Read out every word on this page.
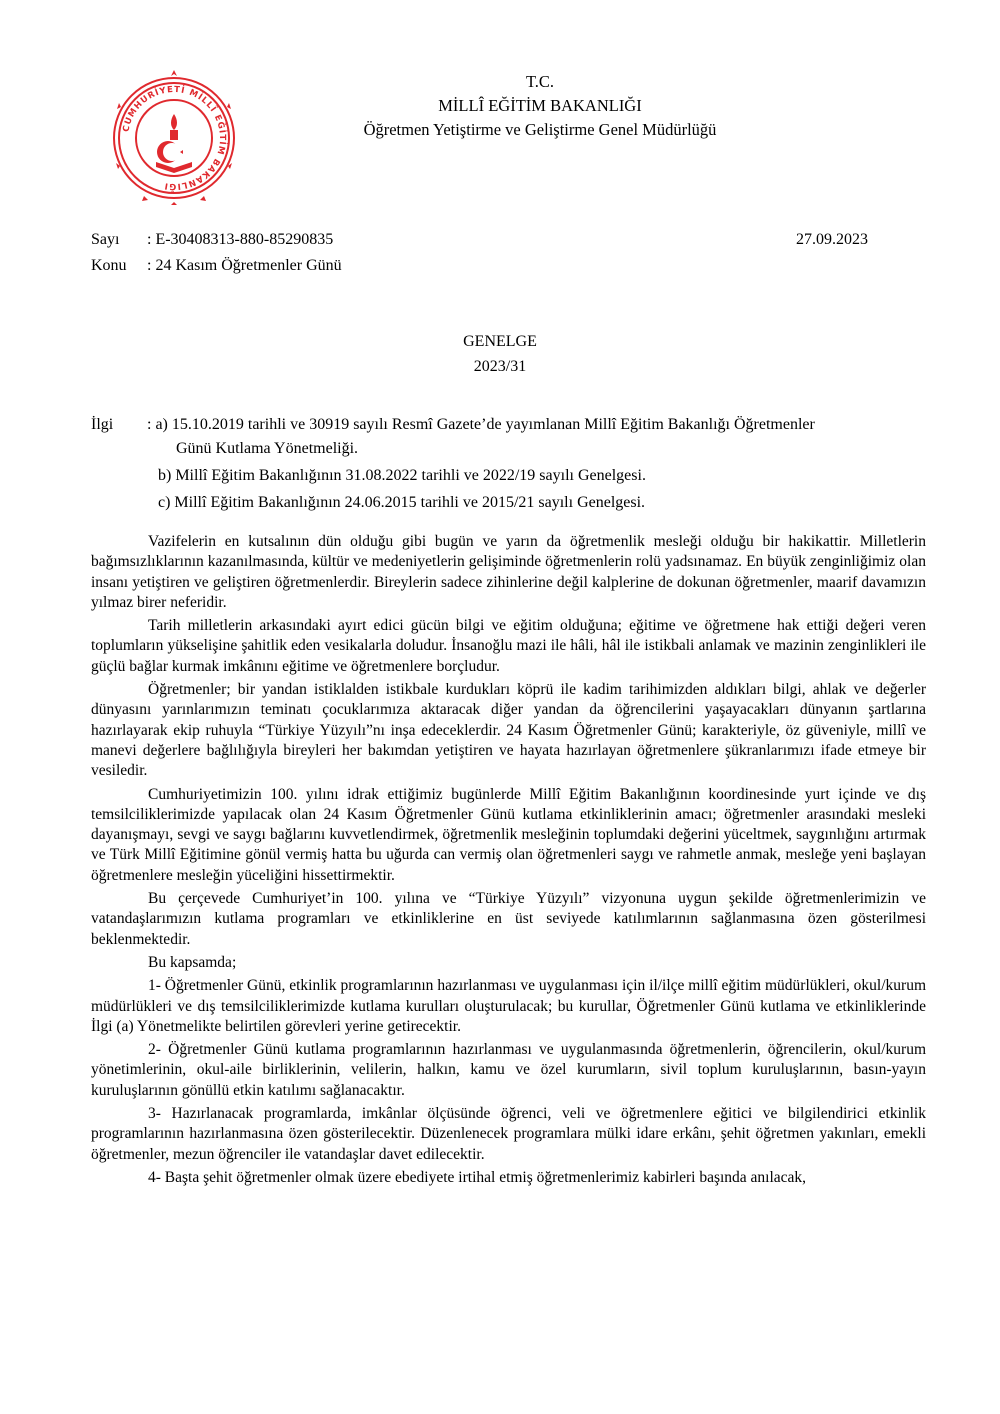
CUMHURİYETİ MİLLÎ EĞİTİM BAKANLIĞI
T.C.
MİLLÎ EĞİTİM BAKANLIĞI
Öğretmen Yetiştirme ve Geliştirme Genel Müdürlüğü
Sayı : E-30408313-880-85290835	27.09.2023
Konu : 24 Kasım Öğretmenler Günü
GENELGE
2023/31
İlgi : a) 15.10.2019 tarihli ve 30919 sayılı Resmî Gazete’de yayımlanan Millî Eğitim Bakanlığı Öğretmenler
Günü Kutlama Yönetmeliği.
b) Millî Eğitim Bakanlığının 31.08.2022 tarihli ve 2022/19 sayılı Genelgesi.
c) Millî Eğitim Bakanlığının 24.06.2015 tarihli ve 2015/21 sayılı Genelgesi.

Vazifelerin en kutsalının dün olduğu gibi bugün ve yarın da öğretmenlik mesleği olduğu bir hakikattir. Milletlerin bağımsızlıklarının kazanılmasında, kültür ve medeniyetlerin gelişiminde öğretmenlerin rolü yadsınamaz. En büyük zenginliğimiz olan insanı yetiştiren ve geliştiren öğretmenlerdir. Bireylerin sadece zihinlerine değil kalplerine de dokunan öğretmenler, maarif davamızın yılmaz birer neferidir.

Tarih milletlerin arkasındaki ayırt edici gücün bilgi ve eğitim olduğuna; eğitime ve öğretmene hak ettiği değeri veren toplumların yükselişine şahitlik eden vesikalarla doludur. İnsanoğlu mazi ile hâli, hâl ile istikbali anlamak ve mazinin zenginlikleri ile güçlü bağlar kurmak imkânını eğitime ve öğretmenlere borçludur.

Öğretmenler; bir yandan istiklalden istikbale kurdukları köprü ile kadim tarihimizden aldıkları bilgi, ahlak ve değerler dünyasını yarınlarımızın teminatı çocuklarımıza aktaracak diğer yandan da öğrencilerini yaşayacakları dünyanın şartlarına hazırlayarak ekip ruhuyla “Türkiye Yüzyılı”nı inşa edeceklerdir. 24 Kasım Öğretmenler Günü; karakteriyle, öz güveniyle, millî ve manevi değerlere bağlılığıyla bireyleri her bakımdan yetiştiren ve hayata hazırlayan öğretmenlere şükranlarımızı ifade etmeye bir vesiledir.

Cumhuriyetimizin 100. yılını idrak ettiğimiz bugünlerde Millî Eğitim Bakanlığının koordinesinde yurt içinde ve dış temsilciliklerimizde yapılacak olan 24 Kasım Öğretmenler Günü kutlama etkinliklerinin amacı; öğretmenler arasındaki mesleki dayanışmayı, sevgi ve saygı bağlarını kuvvetlendirmek, öğretmenlik mesleğinin toplumdaki değerini yüceltmek, saygınlığını artırmak ve Türk Millî Eğitimine gönül vermiş hatta bu uğurda can vermiş olan öğretmenleri saygı ve rahmetle anmak, mesleğe yeni başlayan öğretmenlere mesleğin yüceliğini hissettirmektir.

Bu çerçevede Cumhuriyet’in 100. yılına ve “Türkiye Yüzyılı” vizyonuna uygun şekilde öğretmenlerimizin ve vatandaşlarımızın kutlama programları ve etkinliklerine en üst seviyede katılımlarının sağlanmasına özen gösterilmesi beklenmektedir.

Bu kapsamda;

1- Öğretmenler Günü, etkinlik programlarının hazırlanması ve uygulanması için il/ilçe millî eğitim müdürlükleri, okul/kurum müdürlükleri ve dış temsilciliklerimizde kutlama kurulları oluşturulacak; bu kurullar, Öğretmenler Günü kutlama ve etkinliklerinde İlgi (a) Yönetmelikte belirtilen görevleri yerine getirecektir.

2- Öğretmenler Günü kutlama programlarının hazırlanması ve uygulanmasında öğretmenlerin, öğrencilerin, okul/kurum yönetimlerinin, okul-aile birliklerinin, velilerin, halkın, kamu ve özel kurumların, sivil toplum kuruluşlarının, basın-yayın kuruluşlarının gönüllü etkin katılımı sağlanacaktır.

3- Hazırlanacak programlarda, imkânlar ölçüsünde öğrenci, veli ve öğretmenlere eğitici ve bilgilendirici etkinlik programlarının hazırlanmasına özen gösterilecektir. Düzenlenecek programlara mülki idare erkânı, şehit öğretmen yakınları, emekli öğretmenler, mezun öğrenciler ile vatandaşlar davet edilecektir.

4- Başta şehit öğretmenler olmak üzere ebediyete irtihal etmiş öğretmenlerimiz kabirleri başında anılacak,
